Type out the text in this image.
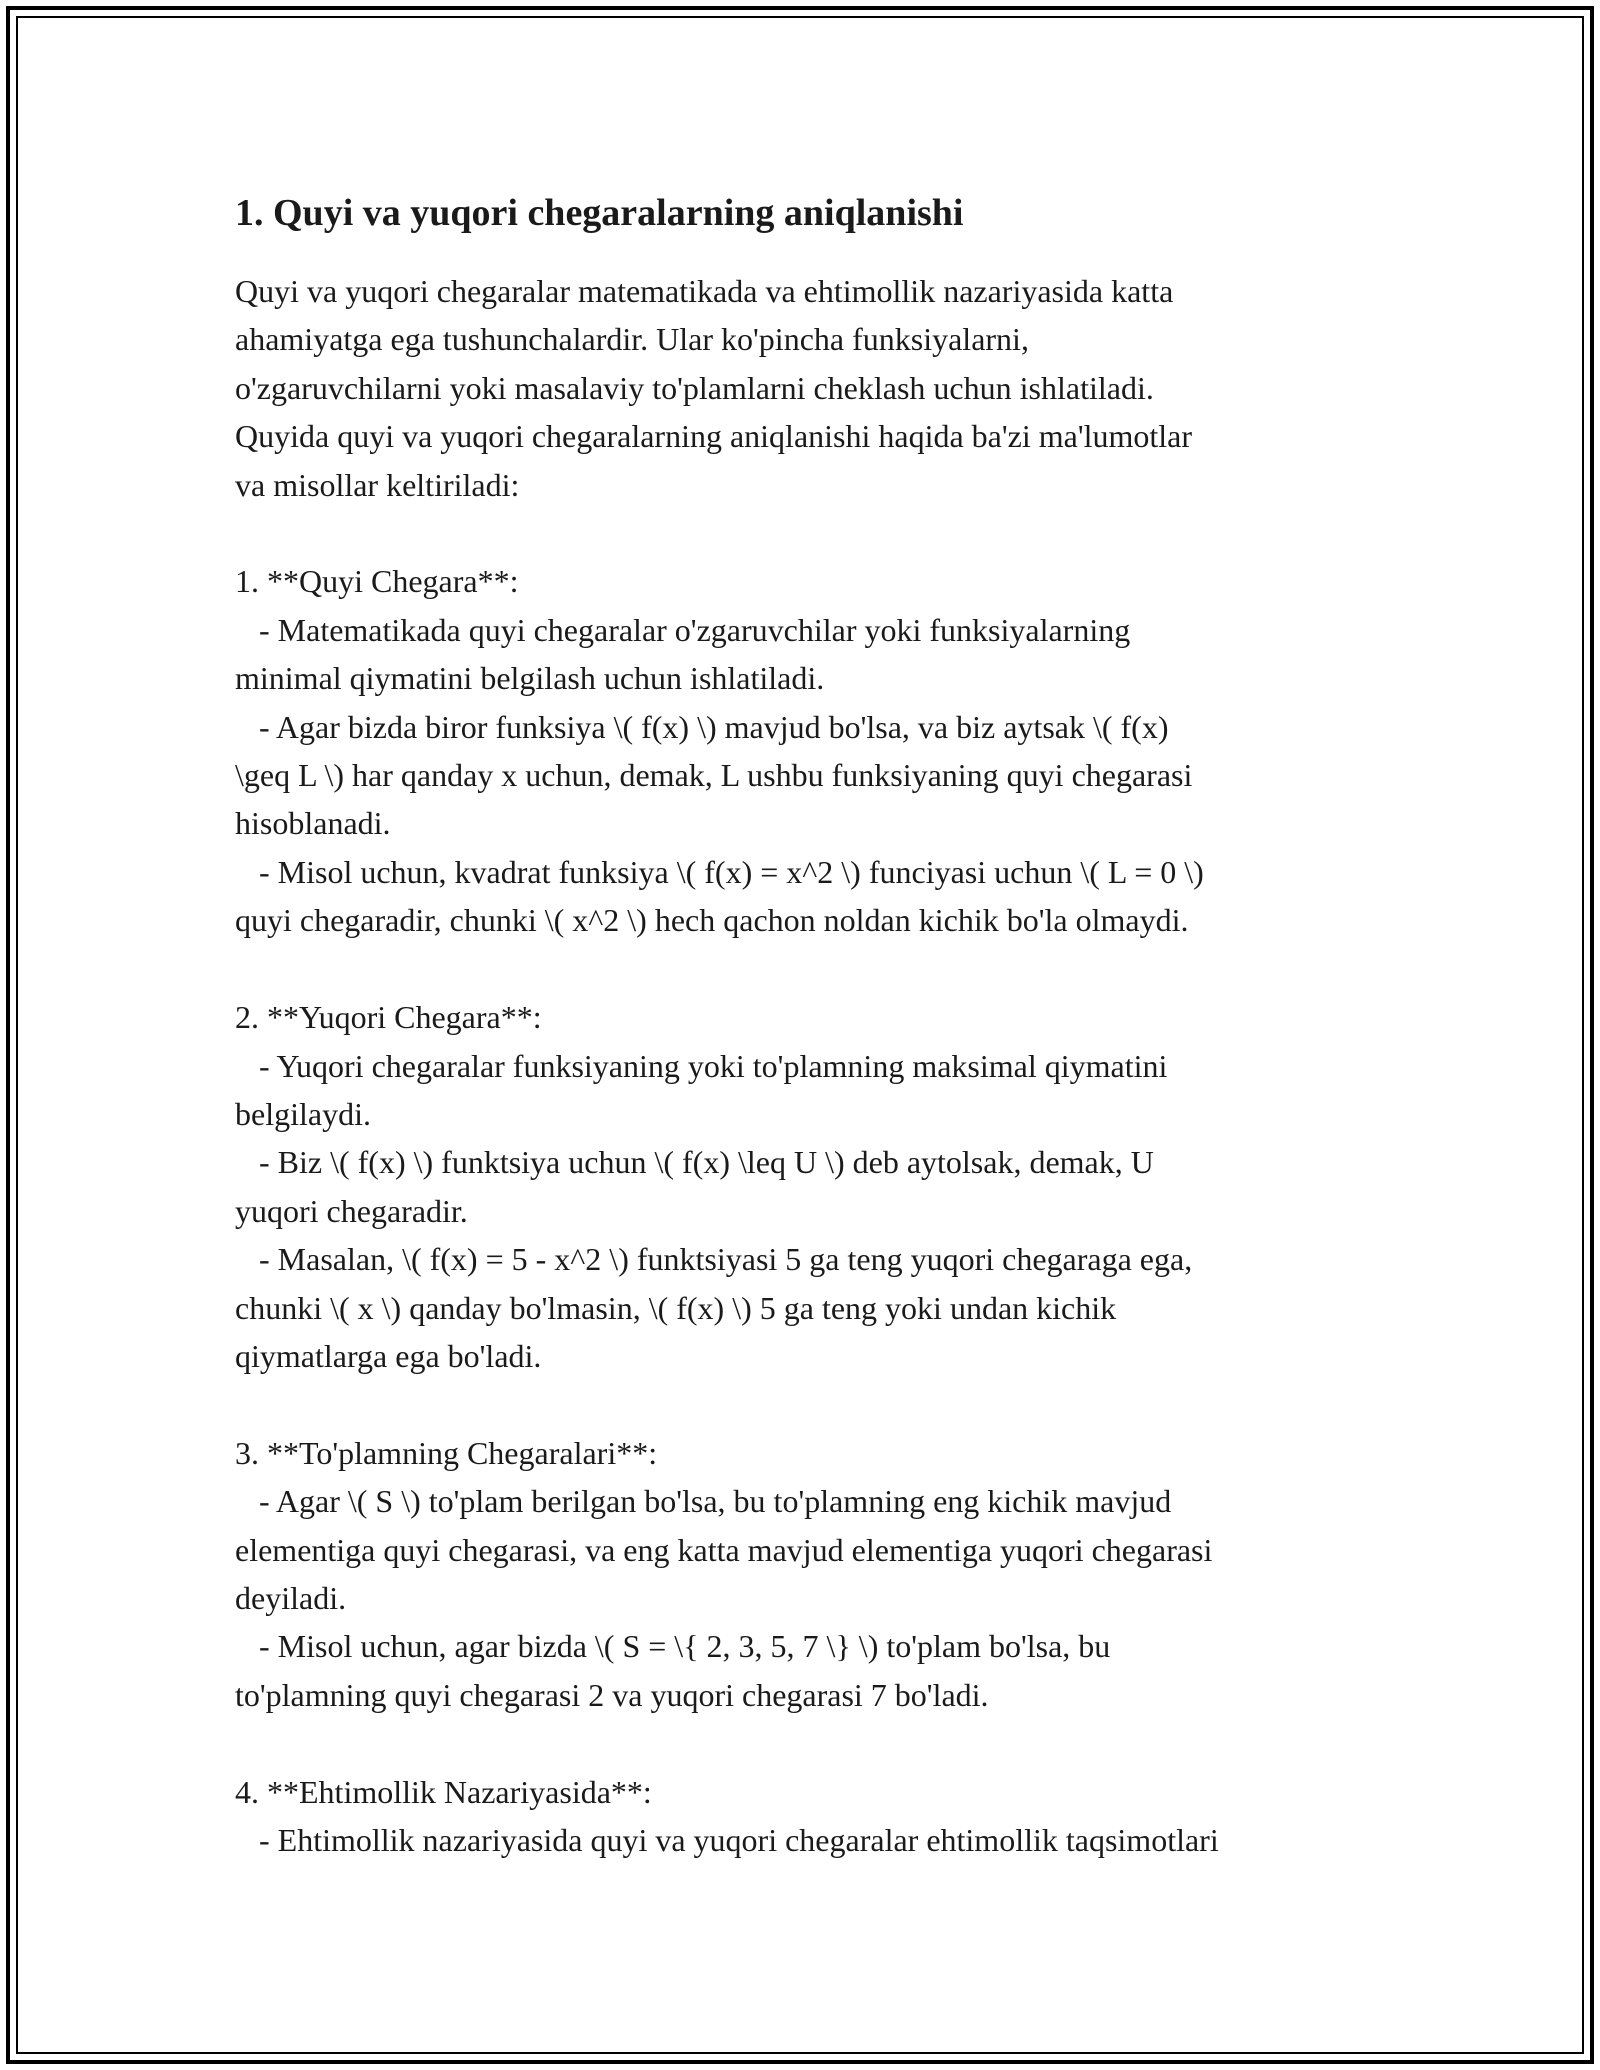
1. Quyi va yuqori chegaralarning aniqlanishi

Quyi va yuqori chegaralar matematikada va ehtimollik nazariyasida katta
ahamiyatga ega tushunchalardir. Ular ko'pincha funksiyalarni,
o'zgaruvchilarni yoki masalaviy to'plamlarni cheklash uchun ishlatiladi.
Quyida quyi va yuqori chegaralarning aniqlanishi haqida ba'zi ma'lumotlar
va misollar keltiriladi:

1. **Quyi Chegara**:
- Matematikada quyi chegaralar o'zgaruvchilar yoki funksiyalarning
minimal qiymatini belgilash uchun ishlatiladi.
- Agar bizda biror funksiya \( f(x) \) mavjud bo'lsa, va biz aytsak \( f(x)
\geq L \) har qanday x uchun, demak, L ushbu funksiyaning quyi chegarasi
hisoblanadi.
- Misol uchun, kvadrat funksiya \( f(x) = x^2 \) funciyasi uchun \( L = 0 \)
quyi chegaradir, chunki \( x^2 \) hech qachon noldan kichik bo'la olmaydi.

2. **Yuqori Chegara**:
- Yuqori chegaralar funksiyaning yoki to'plamning maksimal qiymatini
belgilaydi.
- Biz \( f(x) \) funktsiya uchun \( f(x) \leq U \) deb aytolsak, demak, U
yuqori chegaradir.
- Masalan, \( f(x) = 5 - x^2 \) funktsiyasi 5 ga teng yuqori chegaraga ega,
chunki \( x \) qanday bo'lmasin, \( f(x) \) 5 ga teng yoki undan kichik
qiymatlarga ega bo'ladi.

3. **To'plamning Chegaralari**:
- Agar \( S \) to'plam berilgan bo'lsa, bu to'plamning eng kichik mavjud
elementiga quyi chegarasi, va eng katta mavjud elementiga yuqori chegarasi
deyiladi.
- Misol uchun, agar bizda \( S = \{ 2, 3, 5, 7 \} \) to'plam bo'lsa, bu
to'plamning quyi chegarasi 2 va yuqori chegarasi 7 bo'ladi.

4. **Ehtimollik Nazariyasida**:
- Ehtimollik nazariyasida quyi va yuqori chegaralar ehtimollik taqsimotlari
